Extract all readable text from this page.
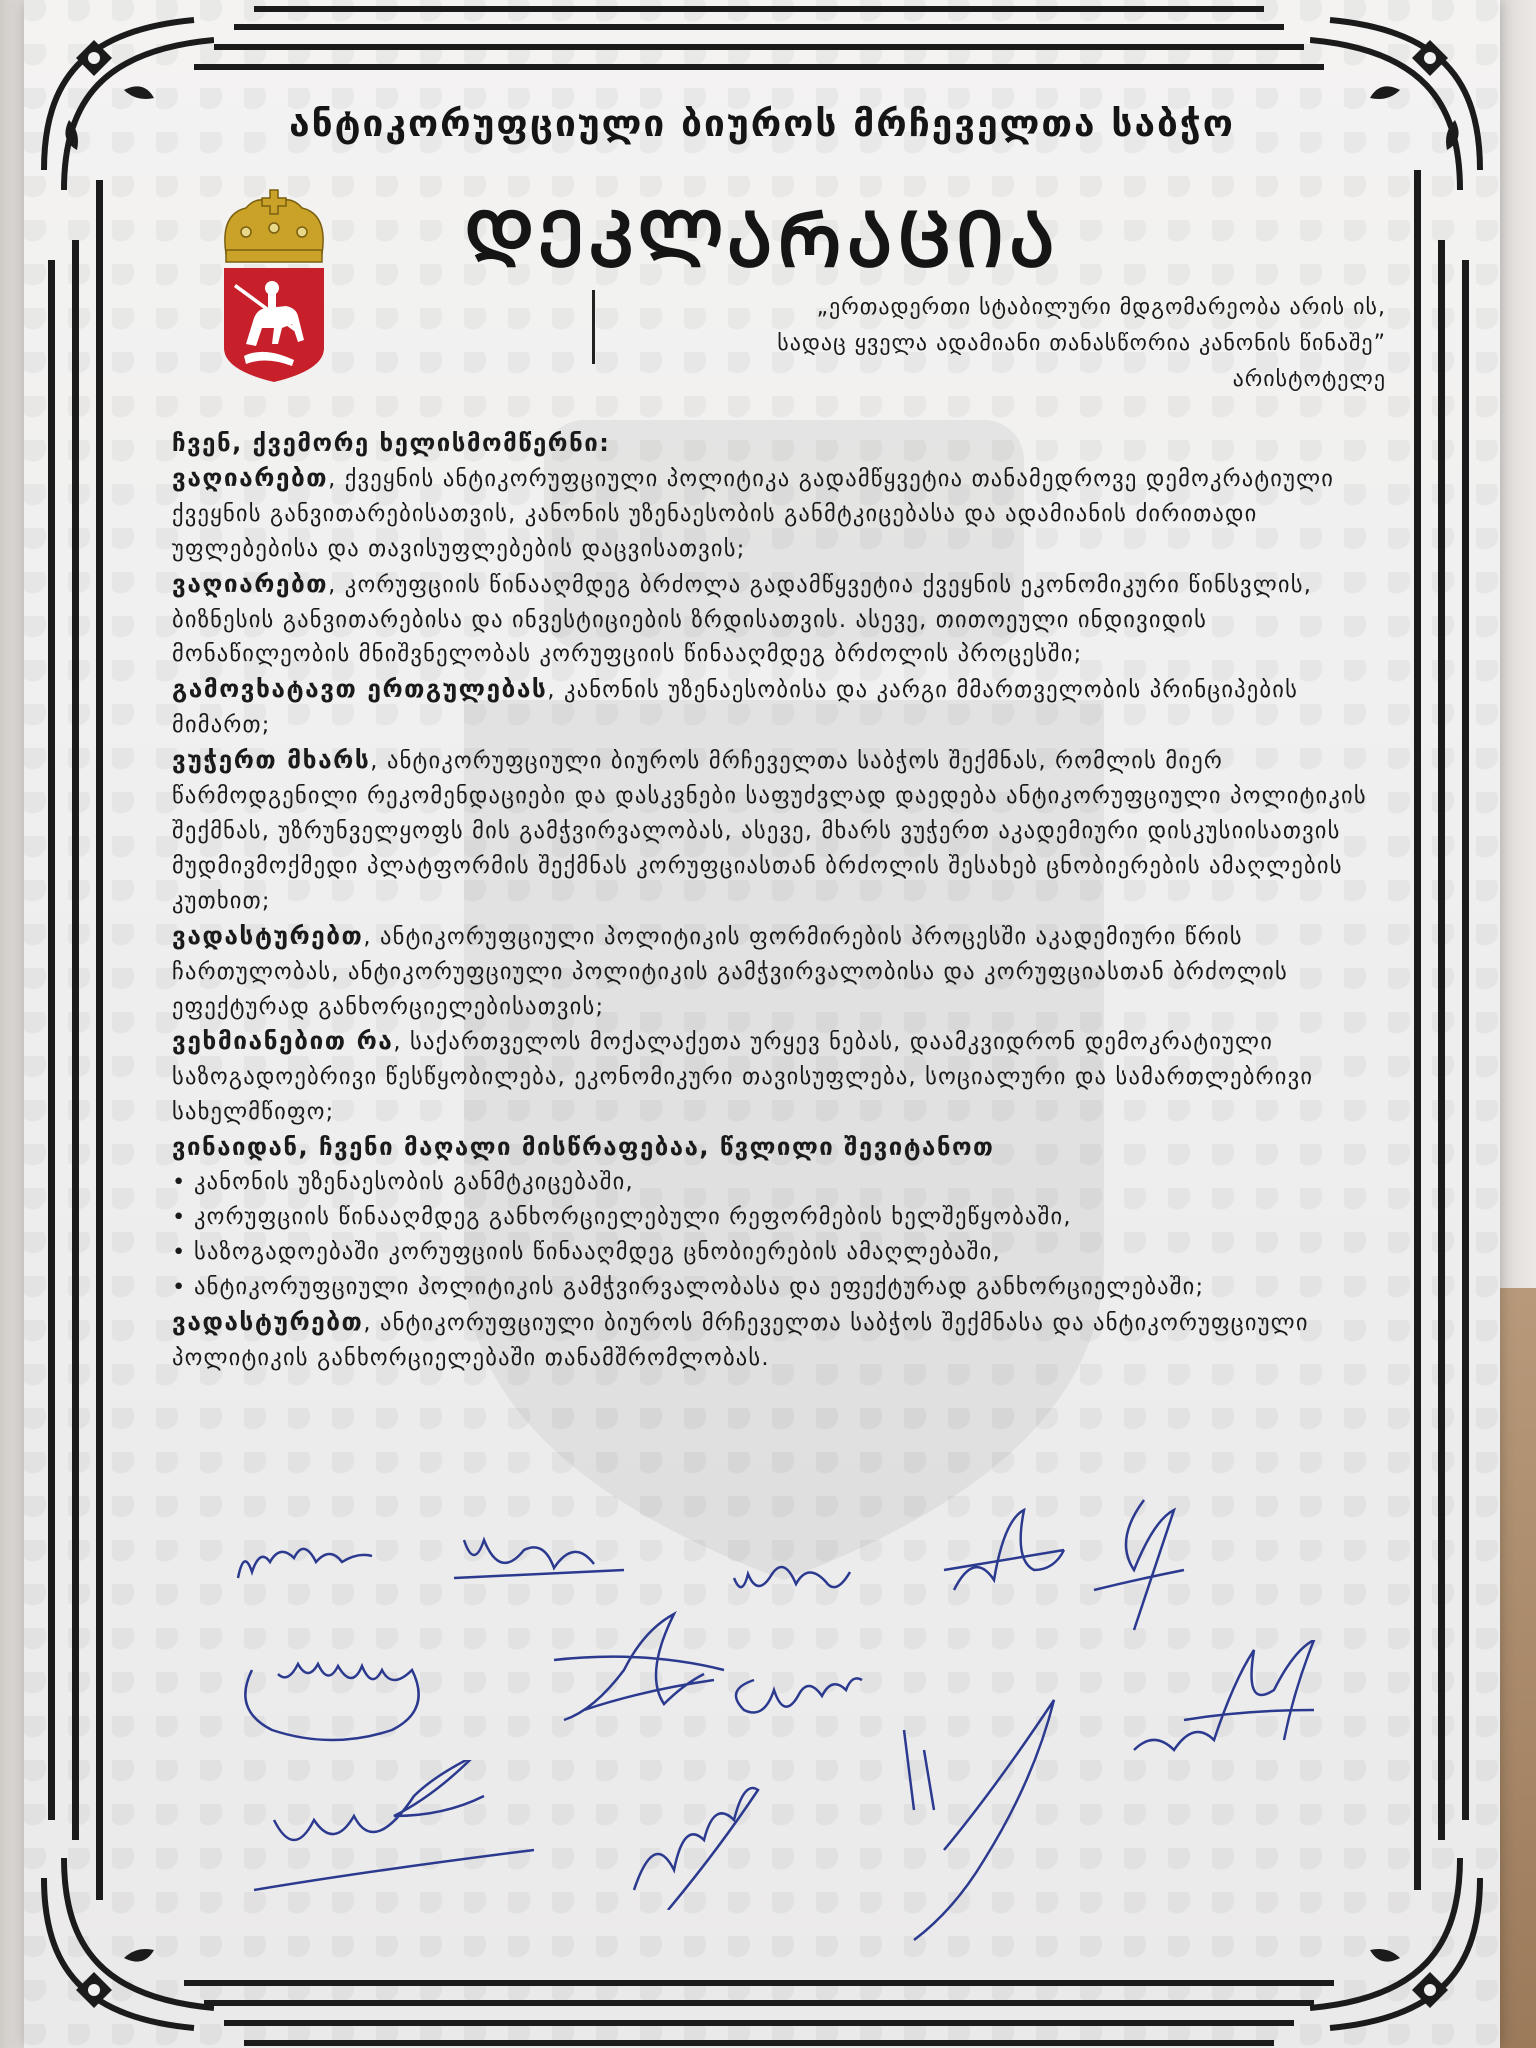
ანტიკორუფციული ბიუროს მრჩეველთა საბჭო
ᲓᲔᲙᲚᲐᲠᲐᲪᲘᲐ
„ერთადერთი სტაბილური მდგომარეობა არის ის,
სადაც ყველა ადამიანი თანასწორია კანონის წინაშე”
არისტოტელე

ჩვენ, ქვემორე ხელისმომწერნი:

ვაღიარებთ, ქვეყნის ანტიკორუფციული პოლიტიკა გადამწყვეტია თანამედროვე დემოკრატიული ქვეყნის განვითარებისათვის, კანონის უზენაესობის განმტკიცებასა და ადამიანის ძირითადი უფლებებისა და თავისუფლებების დაცვისათვის;

ვაღიარებთ, კორუფციის წინააღმდეგ ბრძოლა გადამწყვეტია ქვეყნის ეკონომიკური წინსვლის, ბიზნესის განვითარებისა და ინვესტიციების ზრდისათვის. ასევე, თითოეული ინდივიდის მონაწილეობის მნიშვნელობას კორუფციის წინააღმდეგ ბრძოლის პროცესში;

გამოვხატავთ ერთგულებას, კანონის უზენაესობისა და კარგი მმართველობის პრინციპების მიმართ;

ვუჭერთ მხარს, ანტიკორუფციული ბიუროს მრჩეველთა საბჭოს შექმნას, რომლის მიერ წარმოდგენილი რეკომენდაციები და დასკვნები საფუძვლად დაედება ანტიკორუფციული პოლიტიკის შექმნას, უზრუნველყოფს მის გამჭვირვალობას, ასევე, მხარს ვუჭერთ აკადემიური დისკუსიისათვის მუდმივმოქმედი პლატფორმის შექმნას კორუფციასთან ბრძოლის შესახებ ცნობიერების ამაღლების კუთხით;

ვადასტურებთ, ანტიკორუფციული პოლიტიკის ფორმირების პროცესში აკადემიური წრის ჩართულობას, ანტიკორუფციული პოლიტიკის გამჭვირვალობისა და კორუფციასთან ბრძოლის ეფექტურად განხორციელებისათვის;

ვეხმიანებით რა, საქართველოს მოქალაქეთა ურყევ ნებას, დაამკვიდრონ დემოკრატიული საზოგადოებრივი წესწყობილება, ეკონომიკური თავისუფლება, სოციალური და სამართლებრივი სახელმწიფო;

ვინაიდან, ჩვენი მაღალი მისწრაფებაა, წვლილი შევიტანოთ

• კანონის უზენაესობის განმტკიცებაში,
• კორუფციის წინააღმდეგ განხორციელებული რეფორმების ხელშეწყობაში,
• საზოგადოებაში კორუფციის წინააღმდეგ ცნობიერების ამაღლებაში,
• ანტიკორუფციული პოლიტიკის გამჭვირვალობასა და ეფექტურად განხორციელებაში;

ვადასტურებთ, ანტიკორუფციული ბიუროს მრჩეველთა საბჭოს შექმნასა და ანტიკორუფციული პოლიტიკის განხორციელებაში თანამშრომლობას.
